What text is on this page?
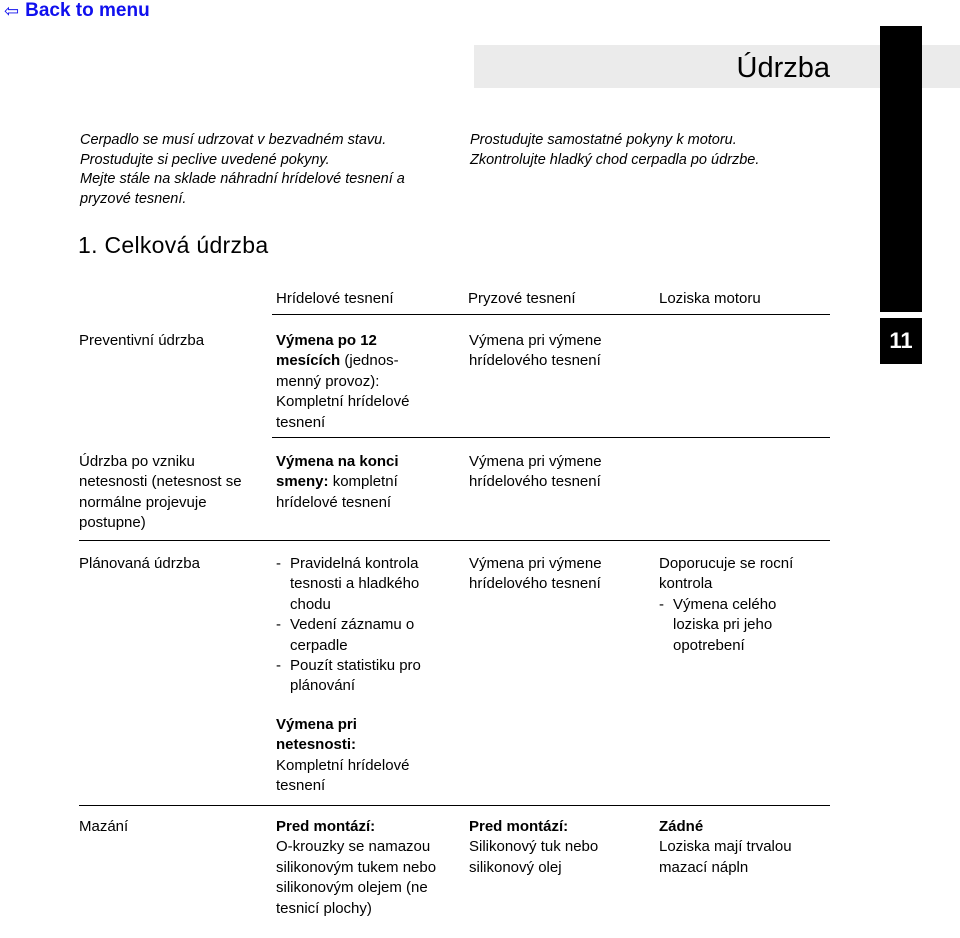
⇦ Back to menu
Údrzba
11

Cerpadlo se musí udrzovat v bezvadném stavu.

Prostudujte si peclive uvedené pokyny.

Mejte stále na sklade náhradní hrídelové tesnení a

pryzové tesnení.

Prostudujte samostatné pokyny k motoru.

Zkontrolujte hladký chod cerpadla po údrzbe.

1. Celková údrzba
Hrídelové tesnení	Pryzové tesnení	Loziska motoru
Preventivní údrzba	Výmena po 12 mesících (jednos-menný provoz): Kompletní hrídelové tesnení
Výmena pri výmene hrídelového tesnení
Údrzba po vzniku netesnosti (netesnost se normálne projevuje postupne)
Výmena na konci smeny: kompletní hrídelové tesnení
Výmena pri výmene hrídelového tesnení
Plánovaná údrzba
-	Pravidelná kontrola tesnosti a hladkého chodu
- Vedení záznamu o cerpadle
- Pouzít statistiku pro plánování
Výmena pri netesnosti:
Kompletní hrídelové tesnení
Výmena pri výmene hrídelového tesnení
Doporucuje se rocní kontrola
- Výmena celého loziska pri jeho opotrebení
Mazání	Pred montází:
O-krouzky se namazou silikonovým tukem nebo silikonovým olejem (ne tesnicí plochy)
Pred montází:
Silikonový tuk nebo silikonový olej
Zádné
Loziska mají trvalou mazací nápln
